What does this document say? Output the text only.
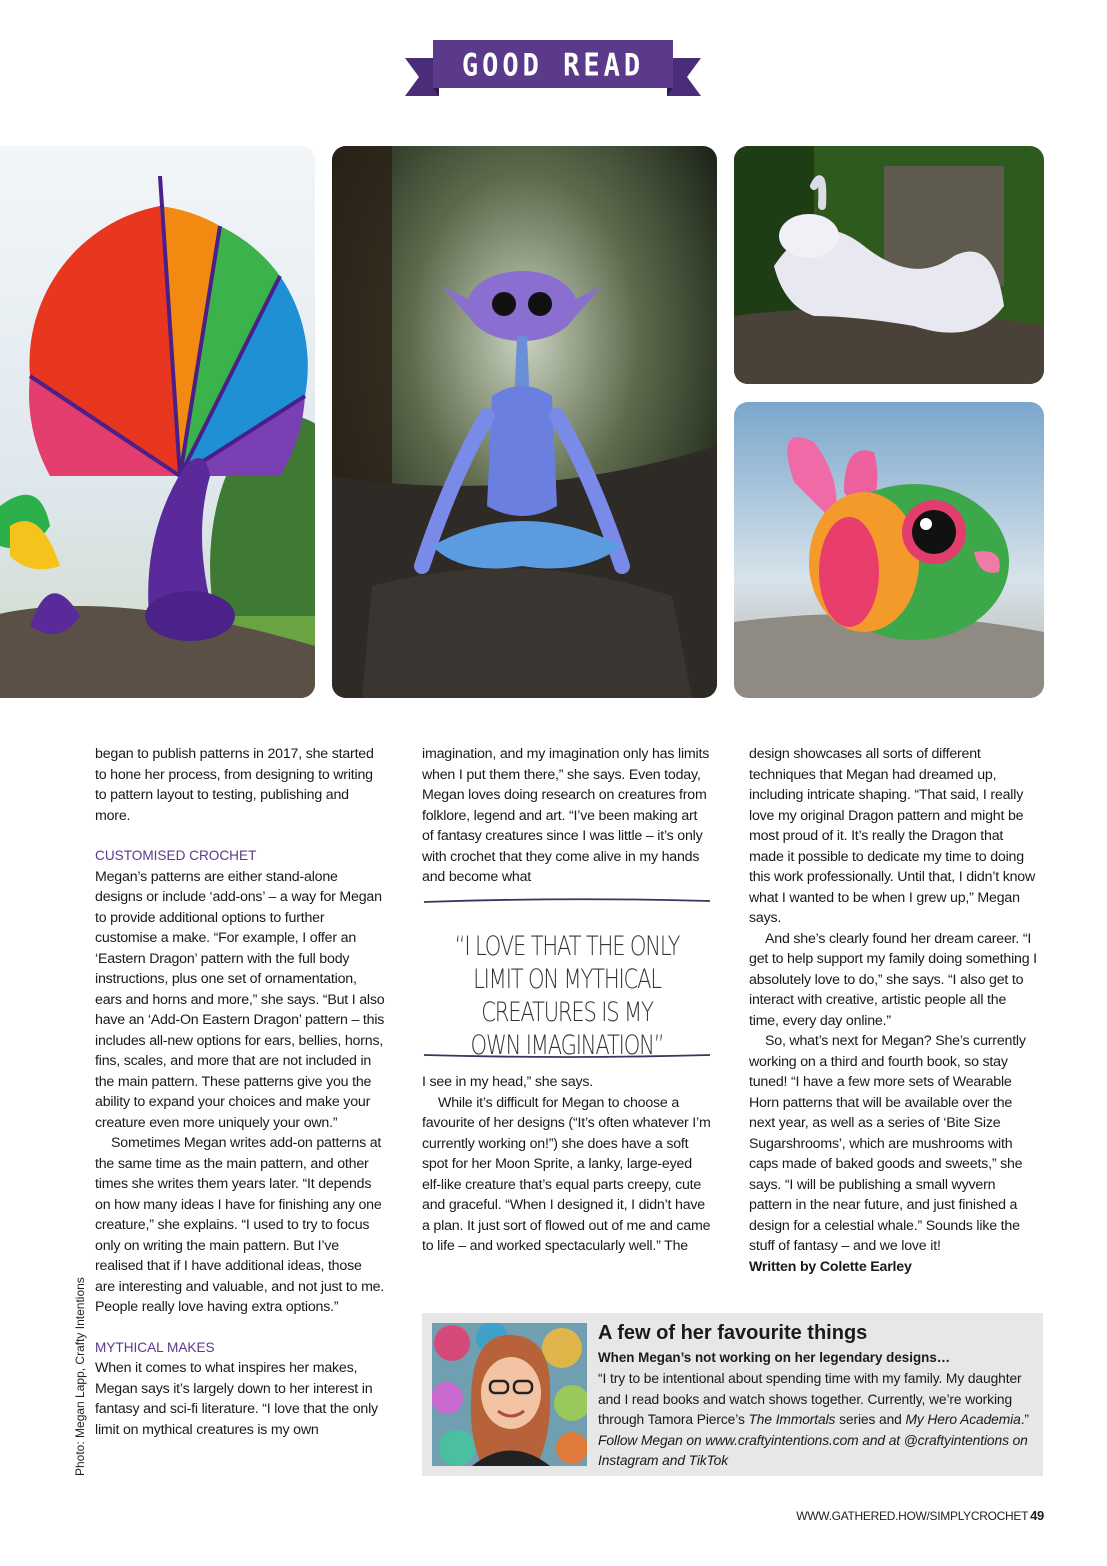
GOOD READ

began to publish patterns in 2017, she started to hone her process, from designing to writing to pattern layout to testing, publishing and more.

CUSTOMISED CROCHET

Megan’s patterns are either stand-alone designs or include ‘add-ons’ – a way for Megan to provide additional options to further customise a make. “For example, I offer an ‘Eastern Dragon’ pattern with the full body instructions, plus one set of ornamentation, ears and horns and more,” she says. “But I also have an ‘Add-On Eastern Dragon’ pattern – this includes all-new options for ears, bellies, horns, fins, scales, and more that are not included in the main pattern. These patterns give you the ability to expand your choices and make your creature even more uniquely your own.”

Sometimes Megan writes add-on patterns at the same time as the main pattern, and other times she writes them years later. “It depends on how many ideas I have for finishing any one creature,” she explains. “I used to try to focus only on writing the main pattern. But I’ve realised that if I have additional ideas, those are interesting and valuable, and not just to me. People really love having extra options.”

MYTHICAL MAKES

When it comes to what inspires her makes, Megan says it’s largely down to her interest in fantasy and sci-fi literature. “I love that the only limit on mythical creatures is my own

imagination, and my imagination only has limits when I put them there,” she says. Even today, Megan loves doing research on creatures from folklore, legend and art. “I’ve been making art of fantasy creatures since I was little – it’s only with crochet that they come alive in my hands and become what

“I LOVE THAT THE ONLY LIMIT ON MYTHICAL CREATURES IS MY OWN IMAGINATION”

I see in my head,” she says.

While it’s difficult for Megan to choose a favourite of her designs (“It’s often whatever I’m currently working on!”) she does have a soft spot for her Moon Sprite, a lanky, large-eyed elf-like creature that’s equal parts creepy, cute and graceful. “When I designed it, I didn’t have a plan. It just sort of flowed out of me and came to life – and worked spectacularly well.” The

design showcases all sorts of different techniques that Megan had dreamed up, including intricate shaping. “That said, I really love my original Dragon pattern and might be most proud of it. It’s really the Dragon that made it possible to dedicate my time to doing this work professionally. Until that, I didn’t know what I wanted to be when I grew up,” Megan says.

And she’s clearly found her dream career. “I get to help support my family doing something I absolutely love to do,” she says. “I also get to interact with creative, artistic people all the time, every day online.”

So, what’s next for Megan? She’s currently working on a third and fourth book, so stay tuned! “I have a few more sets of Wearable Horn patterns that will be available over the next year, as well as a series of ‘Bite Size Sugarshrooms’, which are mushrooms with caps made of baked goods and sweets,” she says. “I will be publishing a small wyvern pattern in the near future, and just finished a design for a celestial whale.” Sounds like the stuff of fantasy – and we love it!

Written by Colette Earley

Photo: Megan Lapp, Crafty Intentions	A few of her favourite things
When Megan’s not working on her legendary designs…
“I try to be intentional about spending time with my family. My daughter and I read books and watch shows together. Currently, we’re working through Tamora Pierce’s The Immortals series and My Hero Academia.” Follow Megan on www.craftyintentions.com and at @craftyintentions on Instagram and TikTok
WWW.GATHERED.HOW/SIMPLYCROCHET 49
